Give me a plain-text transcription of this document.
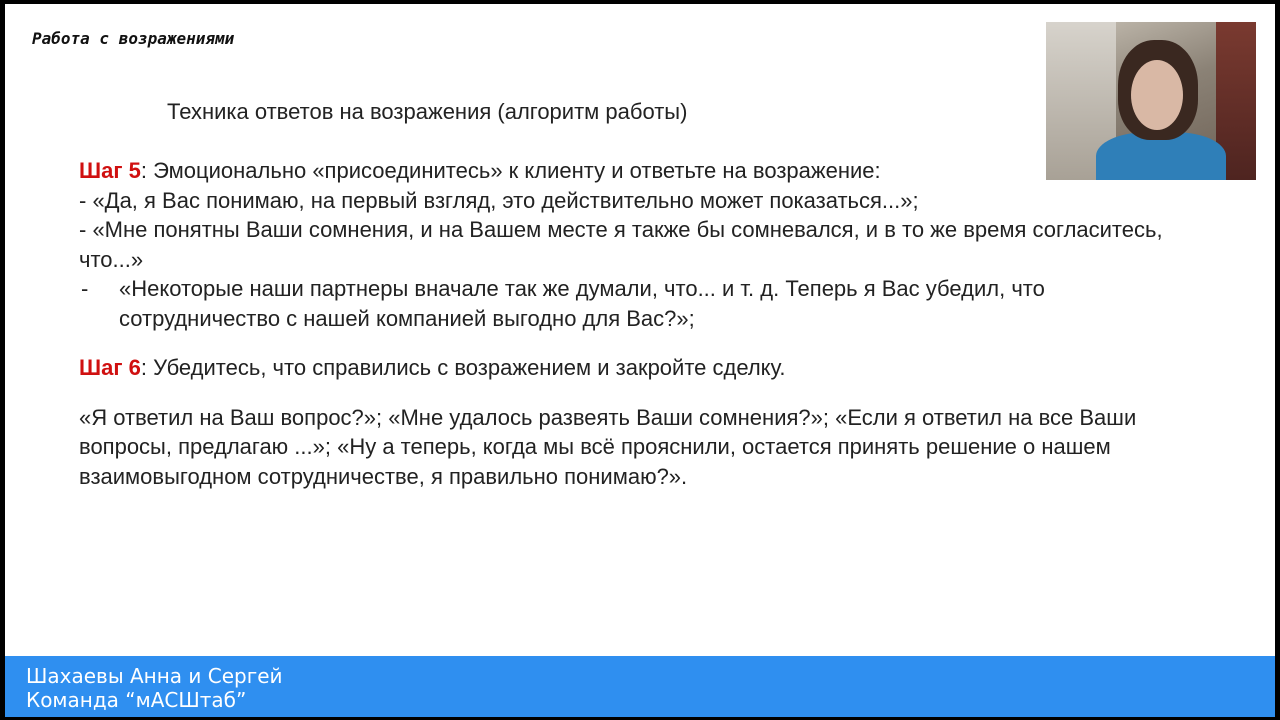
Работа с возражениями
Техника ответов на возражения (алгоритм работы)

Шаг 5: Эмоционально «присоединитесь» к клиенту и ответьте на возражение:

- «Да, я Вас понимаю, на первый взгляд, это действительно может показаться...»;

- «Мне понятны Ваши сомнения, и на Вашем месте я также бы сомневался, и в то же время согласитесь, что...»

-	«Некоторые наши партнеры вначале так же думали, что... и т. д. Теперь я Вас убедил, что сотрудничество с нашей компанией выгодно для Вас?»;

Шаг 6: Убедитесь, что справились с возражением и закройте сделку.

«Я ответил на Ваш вопрос?»; «Мне удалось развеять Ваши сомнения?»; «Если я ответил на все Ваши вопросы, предлагаю ...»; «Ну а теперь, когда мы всё прояснили, остается принять решение о нашем взаимовыгодном сотрудничестве, я правильно понимаю?».

Шахаевы Анна и Сергей
Команда “мАСШтаб”
